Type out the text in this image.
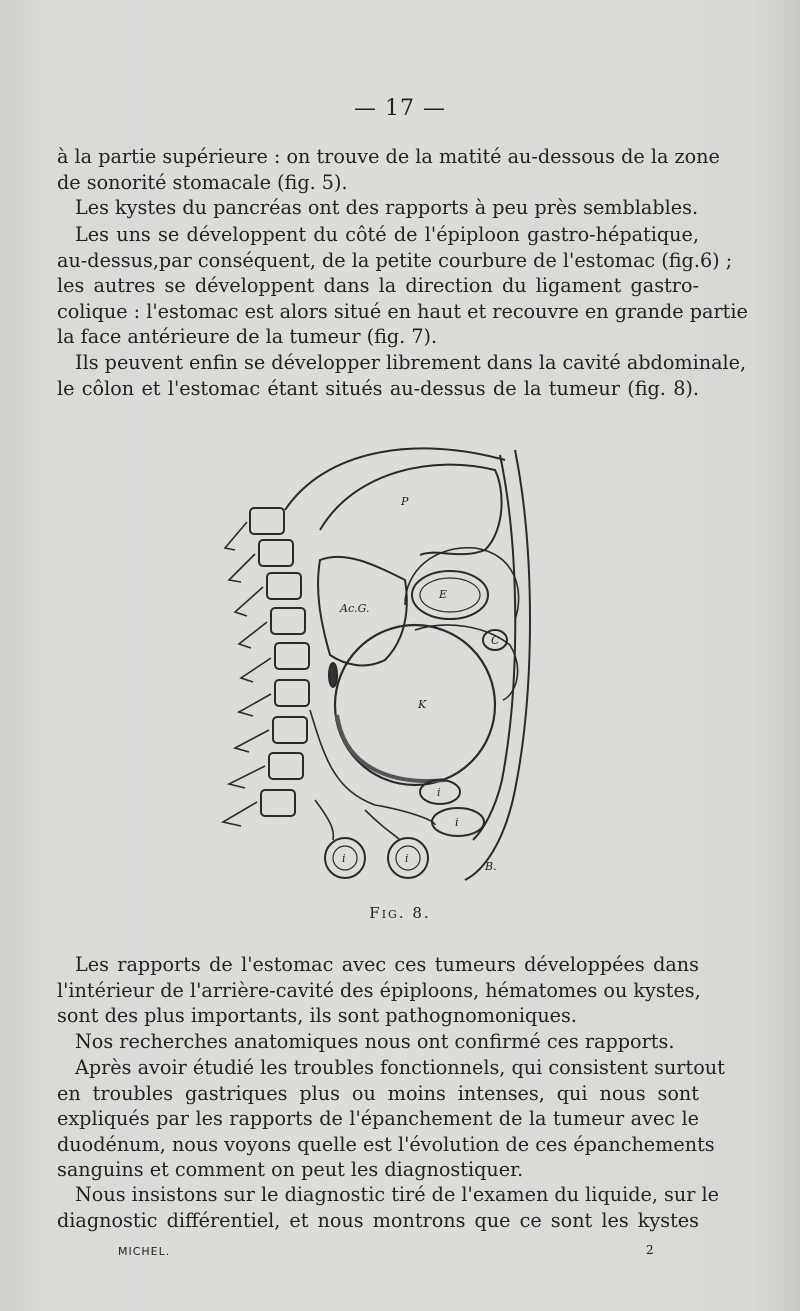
— 17 —
à la partie supérieure : on trouve de la matité au-dessous de la zone
de sonorité stomacale (fig. 5).
Les kystes du pancréas ont des rapports à peu près semblables.
Les uns se développent du côté de l'épiploon gastro-hépatique,
au-dessus,par conséquent, de la petite courbure de l'estomac (fig.6) ;
les autres se développent dans la direction du ligament gastro-
colique : l'estomac est alors situé en haut et recouvre en grande partie
la face antérieure de la tumeur (fig. 7).
Ils peuvent enfin se développer librement dans la cavité abdominale,
le côlon et l'estomac étant situés au-dessus de la tumeur (fig. 8).
P
E
C
Ac.G.
K
i
i
i	i
B.
Fig. 8.
Les rapports de l'estomac avec ces tumeurs développées dans
l'intérieur de l'arrière-cavité des épiploons, hématomes ou kystes,
sont des plus importants, ils sont pathognomoniques.
Nos recherches anatomiques nous ont confirmé ces rapports.
Après avoir étudié les troubles fonctionnels, qui consistent surtout
en troubles gastriques plus ou moins intenses, qui nous sont
expliqués par les rapports de l'épanchement de la tumeur avec le
duodénum, nous voyons quelle est l'évolution de ces épanchements
sanguins et comment on peut les diagnostiquer.
Nous insistons sur le diagnostic tiré de l'examen du liquide, sur le
diagnostic différentiel, et nous montrons que ce sont les kystes
MICHEL.	2
